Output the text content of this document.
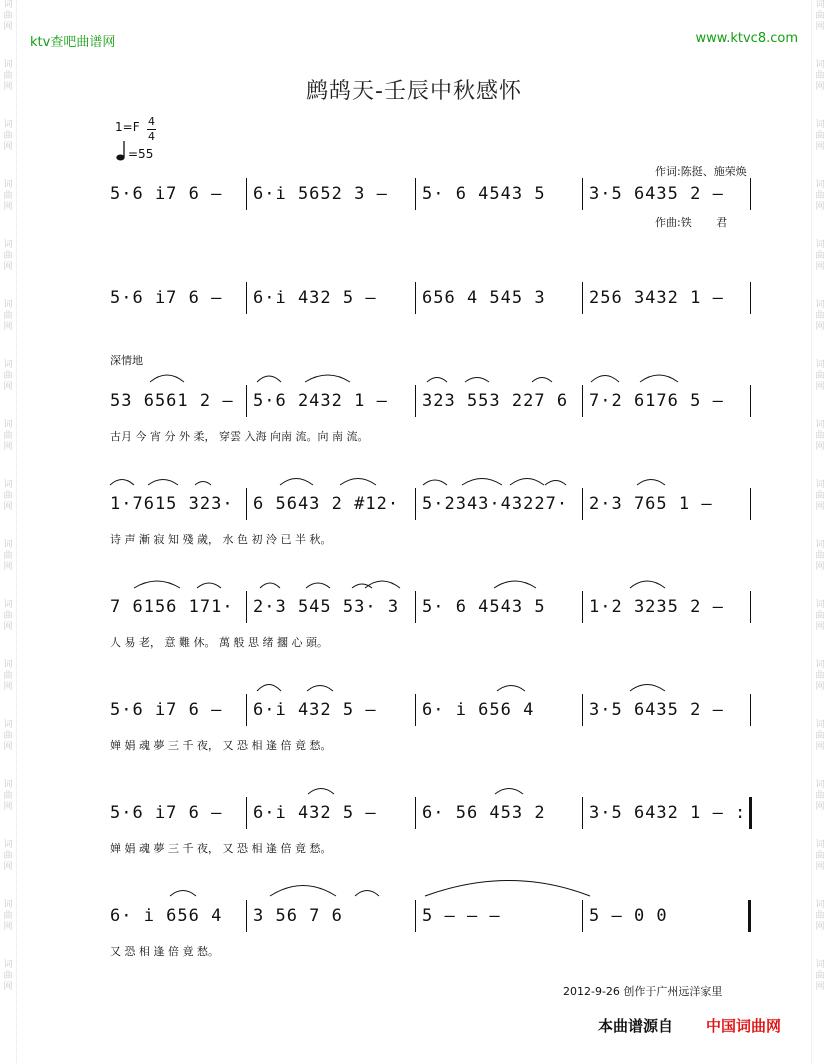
词
曲
网
词
曲
网
词
曲
网
词
曲
网
词
曲
网
词
曲
网
词
曲
网
词
曲
网
词
曲
网
词
曲
网
词
曲
网
词
曲
网
词
曲
网
词
曲
网
词
曲
网
词
曲
网
词
曲
网
词
曲
网
词
曲
网
词
曲
网
词
曲
网
词
曲
网
词
曲
网
词
曲
网
词
曲
网
词
曲
网
词
曲
网
词
曲
网
词
曲
网
词
曲
网
词
曲
网
词
曲
网
词
曲
网
词
曲
网
ktv查吧曲谱网	www.ktvc8.com
鹧鸪天-壬辰中秋感怀
1=F 4
4
=55

作词:陈挺、施荣焕

作曲:铁       君

深情地
5·6 i̇7 6 – 6·i̇ 5652 3 – 5· 6 4543 5	3·5 6435 2 –
5·6 i̇7 6 – 6·i̇ 432 5 –	656 4 545 3	256 3432 1 –
53 6561 2 – 5·6 2432 1 – 323 553 227 6 7·2 6176 5 –
古月 今 宵 分 外 柔， 穿雲 入海 向南 流。向 南 流。
1·7615 323· 6 5643 2 #12· 5·2343·43227· 2·3 765 1 –
诗 声 漸 寂 知 殘 歲， 水 色 初 泠 已 半 秋。
7 6156 171· 2·3 545 53· 3 5· 6 4543 5	1·2 3235 2 –
人 易 老， 意 難 休。 萬 般 思 绪 擱 心 頭。
5·6 i̇7 6 – 6·i̇ 432 5 –	6· i̇ 656 4	3·5 6435 2 –
婵 娟 魂 夢 三 千 夜， 又 恐 相 逢 倍 竟 愁。
5·6 i̇7 6 – 6·i̇ 432 5 –	6· 56 453 2	3·5 6432 1 – :
婵 娟 魂 夢 三 千 夜， 又 恐 相 逢 倍 竟 愁。
6· i̇ 656 4 3 56 7 6	5 – – –	5 – 0 0
又 恐 相 逢 倍 竟 愁。
2012-9-26 创作于广州远洋家里
本曲谱源自 中国词曲网
